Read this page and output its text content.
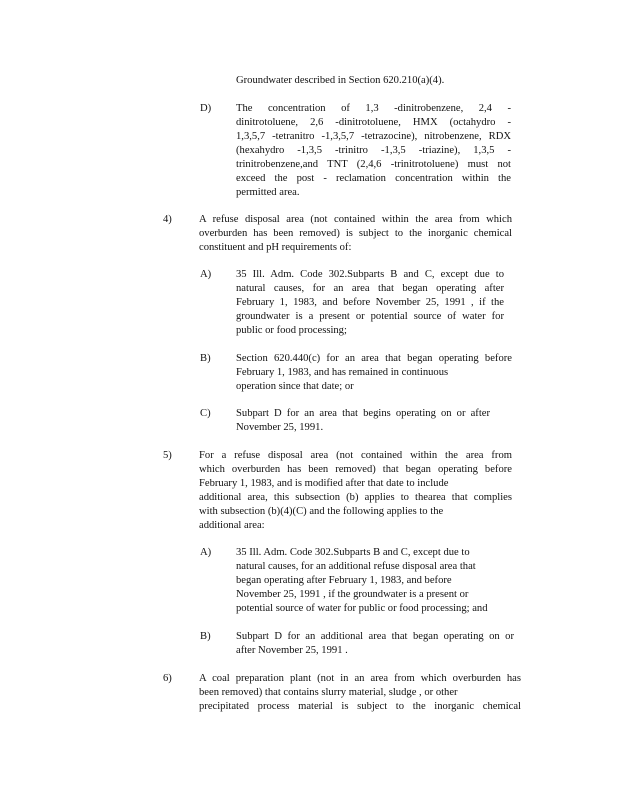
Groundwater described in Section 620.210(a)(4).
D) The concentration of 1,3 -dinitrobenzene, 2,4 -
dinitrotoluene, 2,6 -dinitrotoluene, HMX (octahydro -
1,3,5,7 -tetranitro -1,3,5,7 -tetrazocine), nitrobenzene, RDX
(hexahydro -1,3,5 -trinitro -1,3,5 -triazine), 1,3,5 -
trinitrobenzene,and TNT (2,4,6 -trinitrotoluene) must not
exceed the post - reclamation concentration within the
permitted area.
4)	A refuse disposal area (not contained within the area from which
overburden has been removed) is subject to the inorganic chemical
constituent and pH requirements of:
A) 35 Ill. Adm. Code 302.Subparts B and C, except due to
natural causes, for an area that began operating after
February 1, 1983, and before November 25, 1991 , if the
groundwater is a present or potential source of water for
public or food processing;
B) Section 620.440(c) for an area that began operating before
February 1, 1983, and has remained in continuous
operation since that date; or
C) Subpart D for an area that begins operating on or after
November 25, 1991.
5)	For a refuse disposal area (not contained within the area from
which overburden has been removed) that began operating before
February 1, 1983, and is modified after that date to include
additional area, this subsection (b) applies to thearea that complies
with subsection (b)(4)(C) and the following applies to the
additional area:
A) 35 Ill. Adm. Code 302.Subparts B and C, except due to
natural causes, for an additional refuse disposal area that
began operating after February 1, 1983, and before
November 25, 1991 , if the groundwater is a present or
potential source of water for public or food processing; and
B) Subpart D for an additional area that began operating on or
after November 25, 1991 .
6)	A coal preparation plant (not in an area from which overburden has
been removed) that contains slurry material, sludge , or other
precipitated process material is subject to the inorganic chemical
